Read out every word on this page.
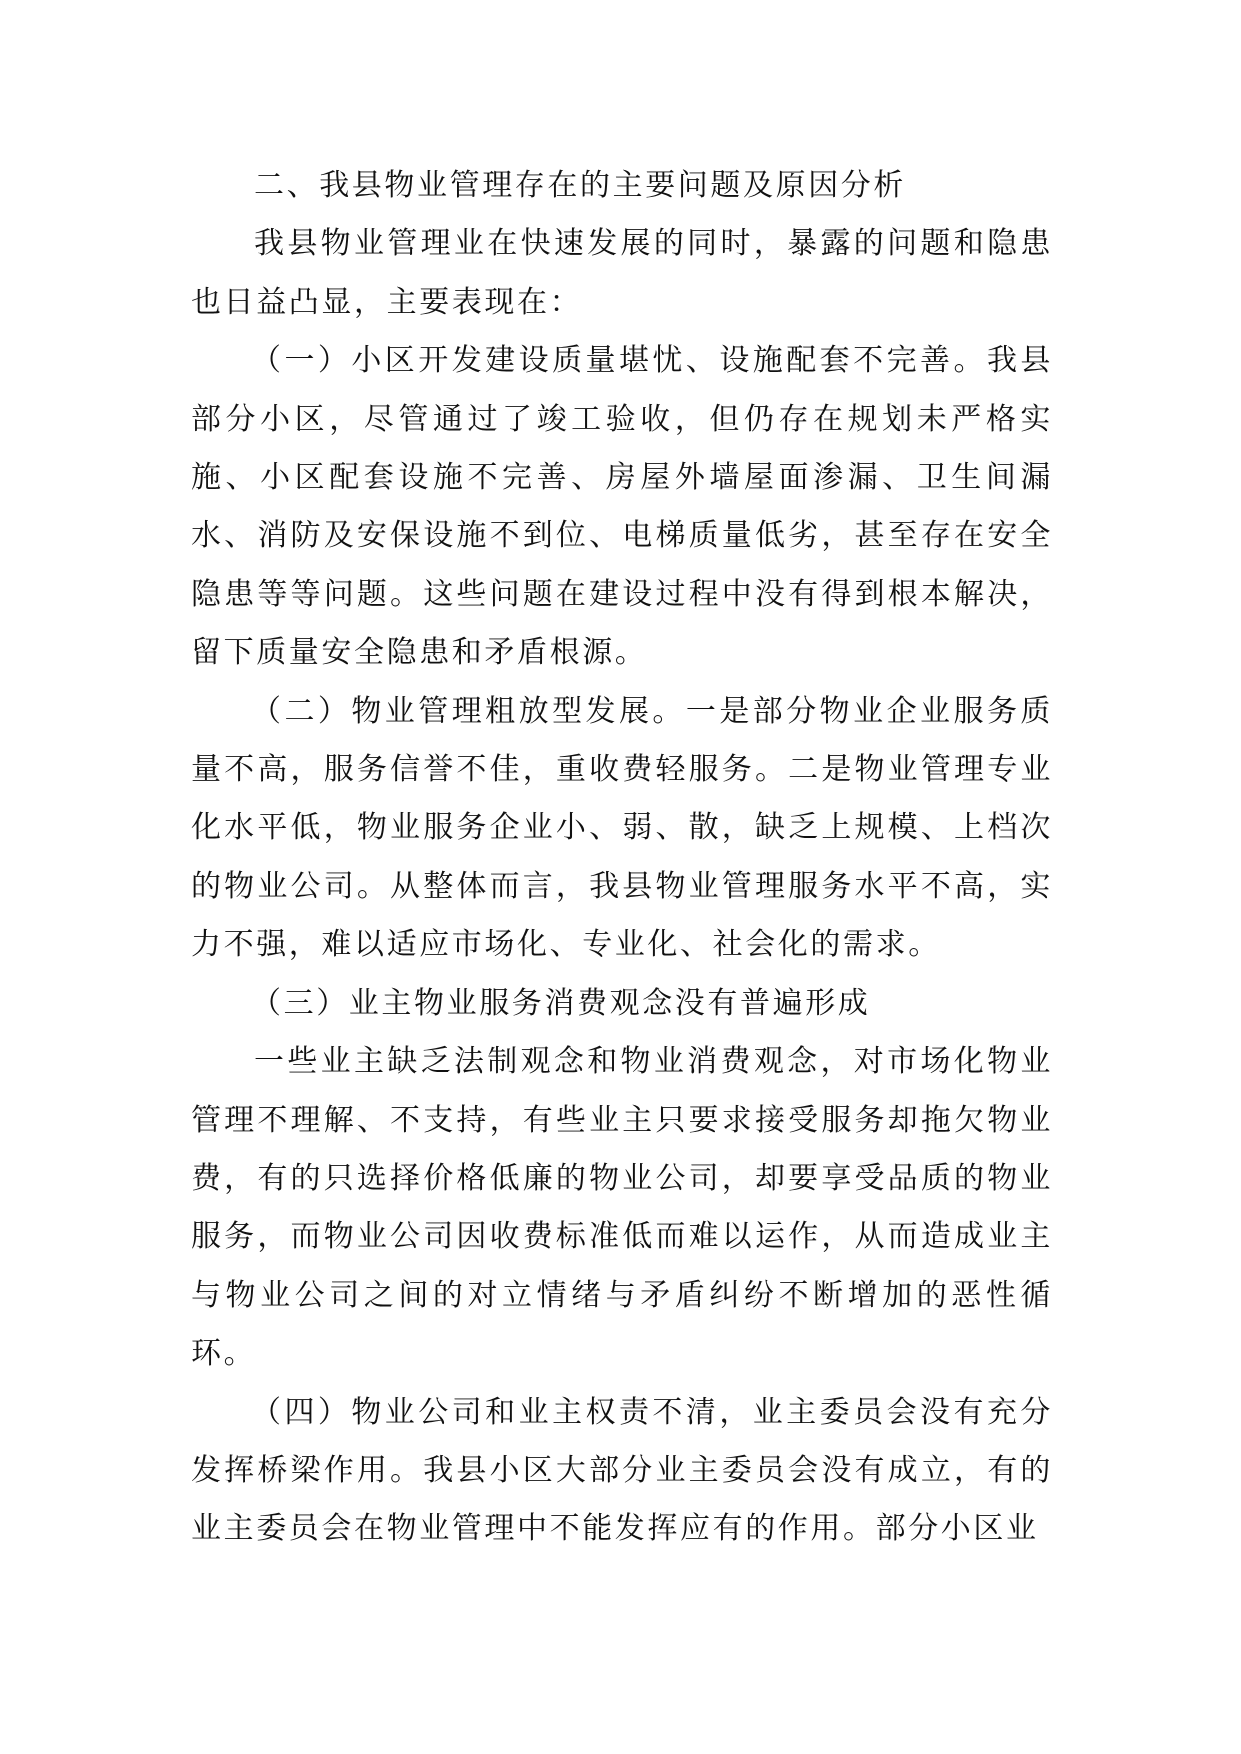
二、我县物业管理存在的主要问题及原因分析

我县物业管理业在快速发展的同时，暴露的问题和隐患也日益凸显，主要表现在：

（一）小区开发建设质量堪忧、设施配套不完善。我县部分小区，尽管通过了竣工验收，但仍存在规划未严格实施、小区配套设施不完善、房屋外墙屋面渗漏、卫生间漏水、消防及安保设施不到位、电梯质量低劣，甚至存在安全隐患等等问题。这些问题在建设过程中没有得到根本解决，留下质量安全隐患和矛盾根源。

（二）物业管理粗放型发展。一是部分物业企业服务质量不高，服务信誉不佳，重收费轻服务。二是物业管理专业化水平低，物业服务企业小、弱、散，缺乏上规模、上档次的物业公司。从整体而言，我县物业管理服务水平不高，实力不强，难以适应市场化、专业化、社会化的需求。

（三）业主物业服务消费观念没有普遍形成

一些业主缺乏法制观念和物业消费观念，对市场化物业管理不理解、不支持，有些业主只要求接受服务却拖欠物业费，有的只选择价格低廉的物业公司，却要享受品质的物业服务，而物业公司因收费标准低而难以运作，从而造成业主与物业公司之间的对立情绪与矛盾纠纷不断增加的恶性循环。

（四）物业公司和业主权责不清，业主委员会没有充分发挥桥梁作用。我县小区大部分业主委员会没有成立，有的业主委员会在物业管理中不能发挥应有的作用。部分小区业
